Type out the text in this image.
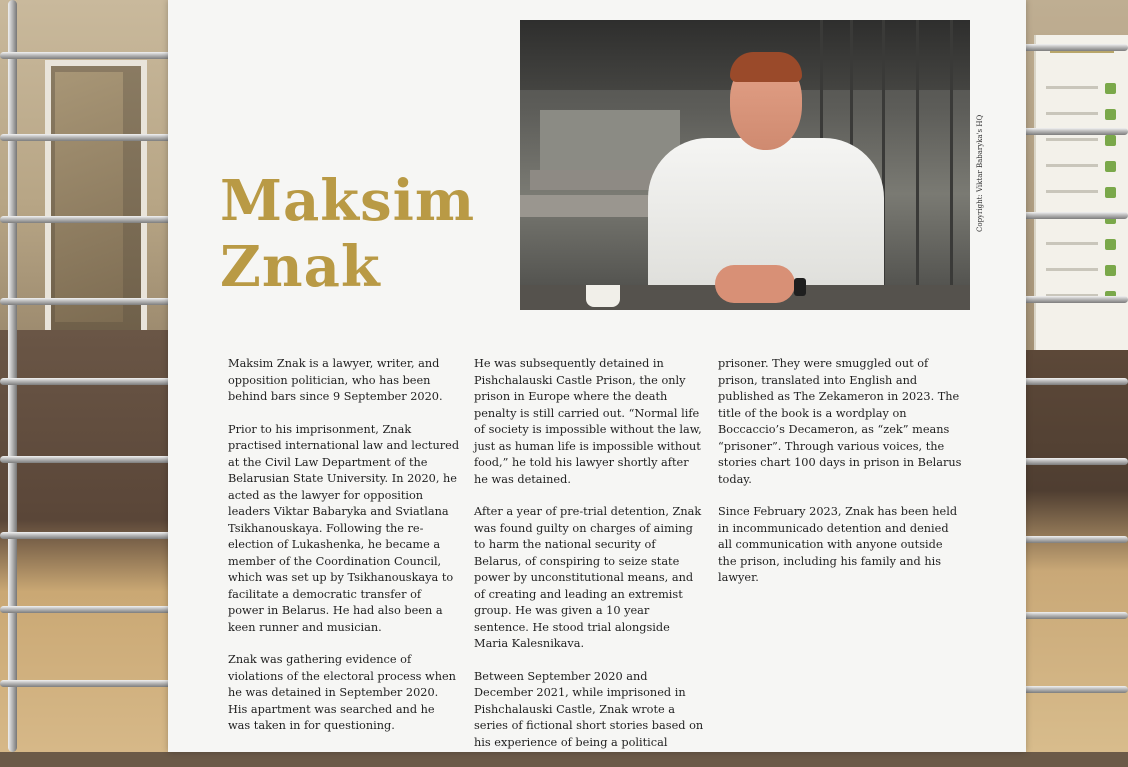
Maksim
Znak
Copyright: Viktar Babaryka's HQ

Maksim Znak is a lawyer, writer, and opposition politician, who has been behind bars since 9 September 2020.

Prior to his imprisonment, Znak practised international law and lectured at the Civil Law Department of the Belarusian State University. In 2020, he acted as the lawyer for opposition leaders Viktar Babaryka and Sviatlana Tsikhanouskaya. Following the re-election of Lukashenka, he became a member of the Coordination Council, which was set up by Tsikhanouskaya to facilitate a democratic transfer of power in Belarus. He had also been a keen runner and musician.

Znak was gathering evidence of violations of the electoral process when he was detained in September 2020. His apartment was searched and he was taken in for questioning.

He was subsequently detained in Pishchalauski Castle Prison, the only prison in Europe where the death penalty is still carried out. “Normal life of society is impossible without the law, just as human life is impossible without food,” he told his lawyer shortly after he was detained.

After a year of pre-trial detention, Znak was found guilty on charges of aiming to harm the national security of Belarus, of conspiring to seize state power by unconstitutional means, and of creating and leading an extremist group. He was given a 10 year sentence. He stood trial alongside Maria Kalesnikava.

Between September 2020 and December 2021, while imprisoned in Pishchalauski Castle, Znak wrote a series of fictional short stories based on his experience of being a political

prisoner. They were smuggled out of prison, translated into English and published as The Zekameron in 2023. The title of the book is a wordplay on Boccaccio’s Decameron, as “zek” means “prisoner”. Through various voices, the stories chart 100 days in prison in Belarus today.

Since February 2023, Znak has been held in incommunicado detention and denied all communication with anyone outside the prison, including his family and his lawyer.
